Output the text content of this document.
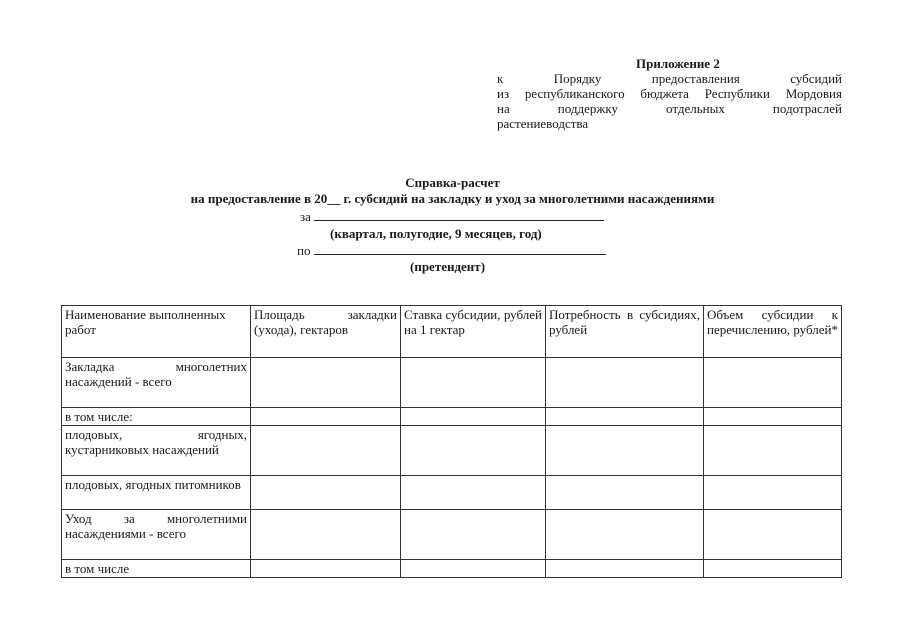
Приложение 2
к Порядку предоставления субсидий
из республиканского бюджета Республики Мордовия
на поддержку отдельных подотраслей
растениеводства
Справка-расчет
на предоставление в 20__ г. субсидий на закладку и уход за многолетними насаждениями
за
(квартал, полугодие, 9 месяцев, год)
по
(претендент)
Наименование выполненных работ	Площадь закладки (ухода), гектаров	Ставка субсидии, рублей на 1 гектар	Потребность в субсидиях, рублей	Объем субсидии к перечислению, рублей*
Закладка многолетних насаждений - всего				
в том числе:				
плодовых, ягодных, кустарниковых насаждений				
плодовых, ягодных питомников				
Уход за многолетними насаждениями - всего				
в том числе				
